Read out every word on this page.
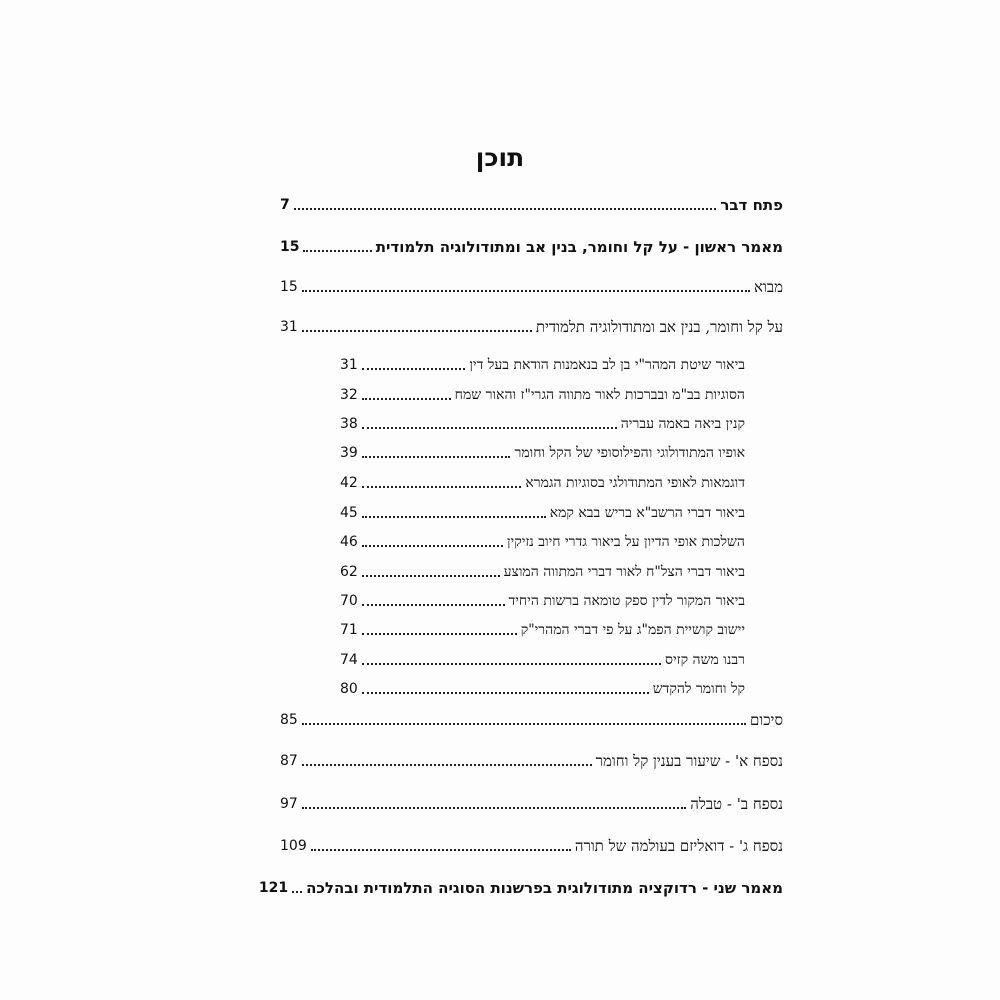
תוכן
פתח דבר
7
מאמר ראשון - על קל וחומר, בנין אב ומתודולוגיה תלמודית
15
מבוא
15
על קל וחומר, בנין אב ומתודולוגיה תלמודית
31
ביאור שיטת המהר"י בן לב בנאמנות הודאת בעל דין
31
הסוגיות בב"מ ובברכות לאור מתווה הגרי"ז והאור שמח
32
קנין ביאה באמה עבריה
38
אופיו המתודולוגי והפילוסופי של הקל וחומר
39
דוגמאות לאופי המתודולגי בסוגיות הגמרא
42
ביאור דברי הרשב"א בריש בבא קמא
45
השלכות אופי הדיון על ביאור גדרי חיוב נזיקין
46
ביאור דברי הצל"ח לאור דברי המתווה המוצע
62
ביאור המקור לדין ספק טומאה ברשות היחיד
70
יישוב קושיית הפמ"ג על פי דברי המהרי"ק
71
רבנו משה קזיס
74
קל וחומר להקדש
80
סיכום
85
נספח א' - שיעור בענין קל וחומר
87
נספח ב' - טבלה
97
נספח ג' - דואליזם בעולמה של תורה
109
מאמר שני - רדוקציה מתודולוגית בפרשנות הסוגיה התלמודית ובהלכה
121
